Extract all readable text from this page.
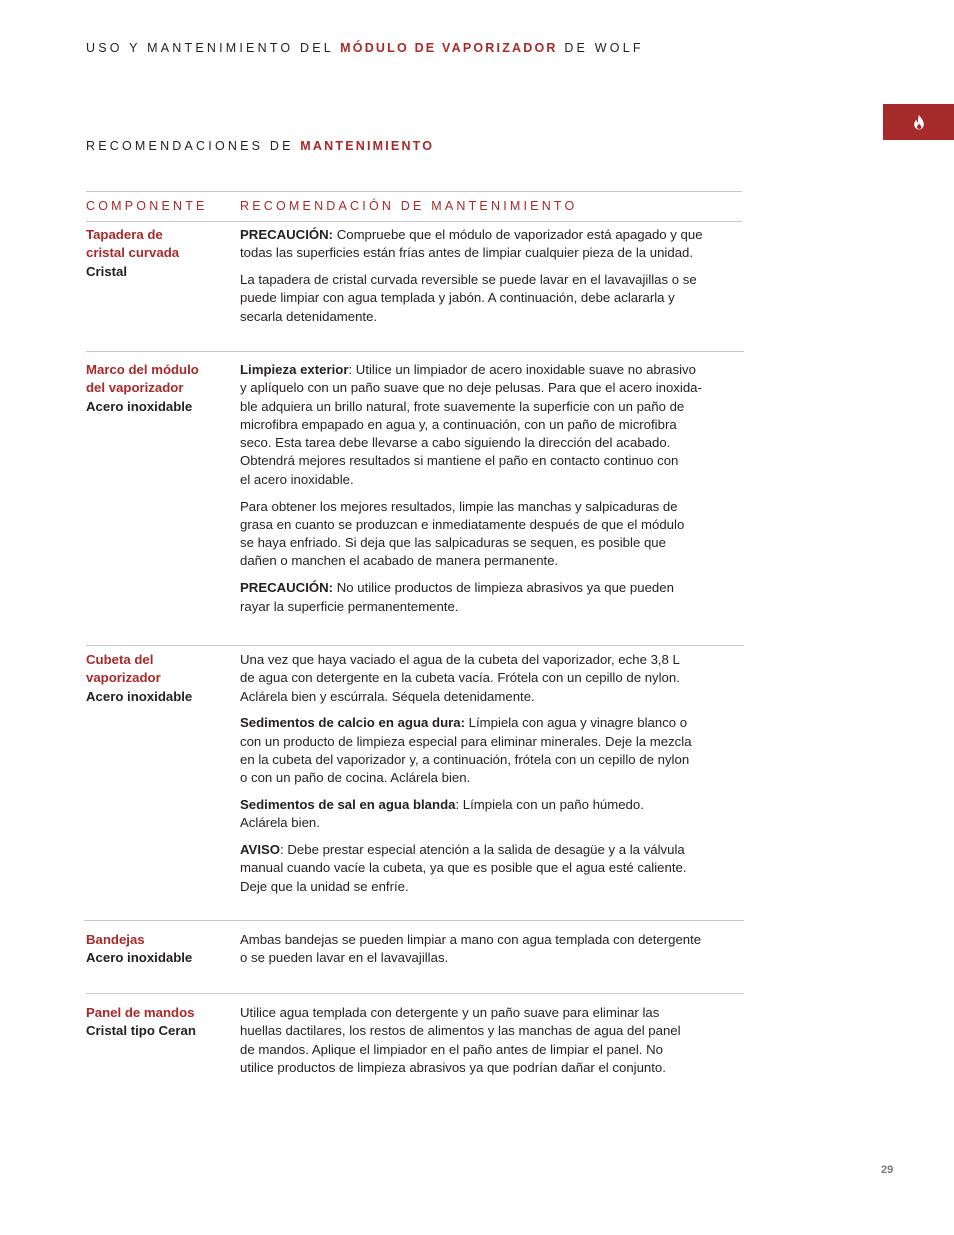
USO Y MANTENIMIENTO DEL MÓDULO DE VAPORIZADOR DE WOLF
RECOMENDACIONES DE MANTENIMIENTO
COMPONENTE	RECOMENDACIÓN DE MANTENIMIENTO
Tapadera de
cristal curvada
Cristal

PRECAUCIÓN: Compruebe que el módulo de vaporizador está apagado y que
todas las superficies están frías antes de limpiar cualquier pieza de la unidad.

La tapadera de cristal curvada reversible se puede lavar en el lavavajillas o se
puede limpiar con agua templada y jabón. A continuación, debe aclararla y
secarla detenidamente.

Marco del módulo
del vaporizador
Acero inoxidable

Limpieza exterior: Utilice un limpiador de acero inoxidable suave no abrasivo
y aplíquelo con un paño suave que no deje pelusas. Para que el acero inoxida-
ble adquiera un brillo natural, frote suavemente la superficie con un paño de
microfibra empapado en agua y, a continuación, con un paño de microfibra
seco. Esta tarea debe llevarse a cabo siguiendo la dirección del acabado.
Obtendrá mejores resultados si mantiene el paño en contacto continuo con
el acero inoxidable.

Para obtener los mejores resultados, limpie las manchas y salpicaduras de
grasa en cuanto se produzcan e inmediatamente después de que el módulo
se haya enfriado. Si deja que las salpicaduras se sequen, es posible que
dañen o manchen el acabado de manera permanente.

PRECAUCIÓN: No utilice productos de limpieza abrasivos ya que pueden
rayar la superficie permanentemente.

Cubeta del
vaporizador
Acero inoxidable

Una vez que haya vaciado el agua de la cubeta del vaporizador, eche 3,8 L
de agua con detergente en la cubeta vacía. Frótela con un cepillo de nylon.
Aclárela bien y escúrrala. Séquela detenidamente.

Sedimentos de calcio en agua dura: Límpiela con agua y vinagre blanco o
con un producto de limpieza especial para eliminar minerales. Deje la mezcla
en la cubeta del vaporizador y, a continuación, frótela con un cepillo de nylon
o con un paño de cocina. Aclárela bien.

Sedimentos de sal en agua blanda: Límpiela con un paño húmedo.
Aclárela bien.

AVISO: Debe prestar especial atención a la salida de desagüe y a la válvula
manual cuando vacíe la cubeta, ya que es posible que el agua esté caliente.
Deje que la unidad se enfríe.

Bandejas
Acero inoxidable

Ambas bandejas se pueden limpiar a mano con agua templada con detergente
o se pueden lavar en el lavavajillas.

Panel de mandos
Cristal tipo Ceran

Utilice agua templada con detergente y un paño suave para eliminar las
huellas dactilares, los restos de alimentos y las manchas de agua del panel
de mandos. Aplique el limpiador en el paño antes de limpiar el panel. No
utilice productos de limpieza abrasivos ya que podrían dañar el conjunto.

29
